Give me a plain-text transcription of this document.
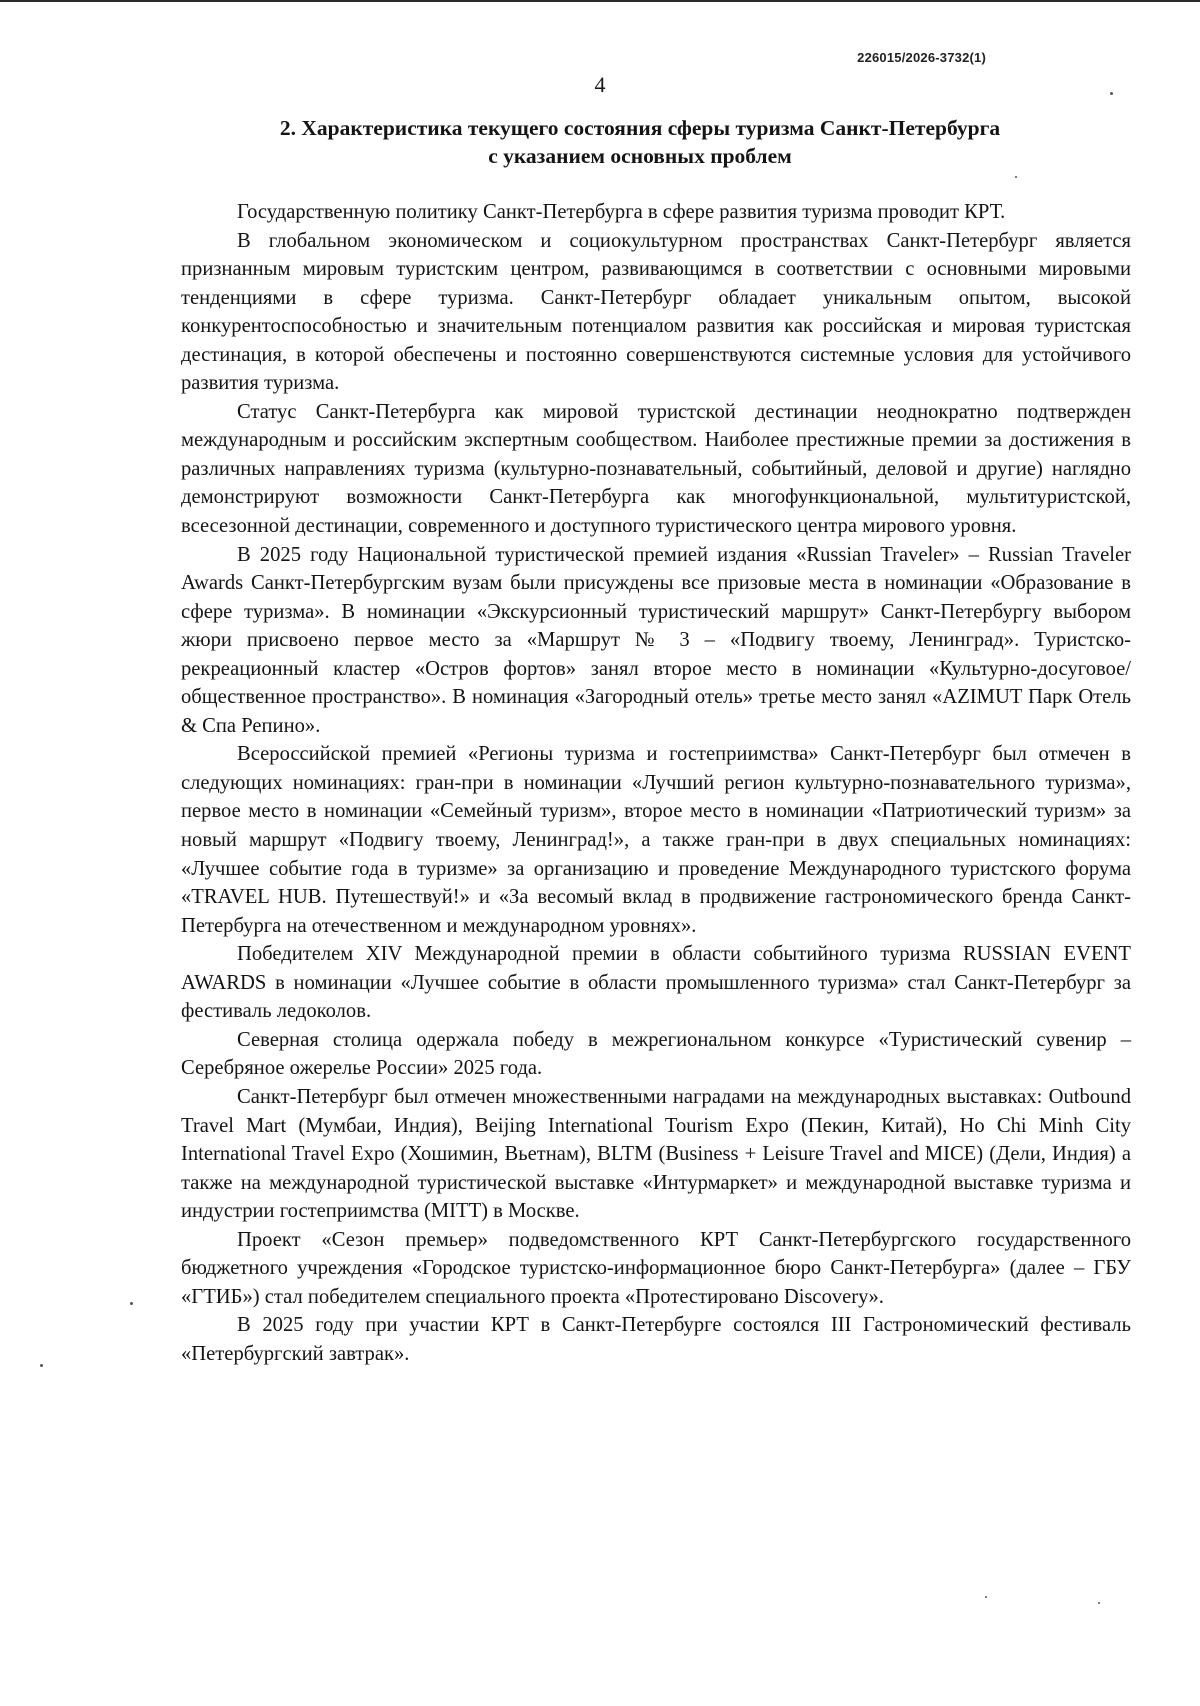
226015/2026-3732(1)
4
2. Характеристика текущего состояния сферы туризма Санкт-Петербурга
с указанием основных проблем

Государственную политику Санкт-Петербурга в сфере развития туризма проводит КРТ.

В глобальном экономическом и социокультурном пространствах Санкт-Петербург является признанным мировым туристским центром, развивающимся в соответствии с основными мировыми тенденциями в сфере туризма. Санкт-Петербург обладает уникальным опытом, высокой конкурентоспособностью и значительным потенциалом развития как российская и мировая туристская дестинация, в которой обеспечены и постоянно совершенствуются системные условия для устойчивого развития туризма.

Статус Санкт-Петербурга как мировой туристской дестинации неоднократно подтвержден международным и российским экспертным сообществом. Наиболее престижные премии за достижения в различных направлениях туризма (культурно-познавательный, событийный, деловой и другие) наглядно демонстрируют возможности Санкт-Петербурга как многофункциональной, мультитуристской, всесезонной дестинации, современного и доступного туристического центра мирового уровня.

В 2025 году Национальной туристической премией издания «Russian Traveler» – Russian Traveler Awards Санкт-Петербургским вузам были присуждены все призовые места в номинации «Образование в сфере туризма». В номинации «Экскурсионный туристический маршрут» Санкт-Петербургу выбором жюри присвоено первое место за «Маршрут № 3 – «Подвигу твоему, Ленинград». Туристско-рекреационный кластер «Остров фортов» занял второе место в номинации «Культурно-досуговое/общественное пространство». В номинация «Загородный отель» третье место занял «AZIMUT Парк Отель & Спа Репино».

Всероссийской премией «Регионы туризма и гостеприимства» Санкт-Петербург был отмечен в следующих номинациях: гран-при в номинации «Лучший регион культурно-познавательного туризма», первое место в номинации «Семейный туризм», второе место в номинации «Патриотический туризм» за новый маршрут «Подвигу твоему, Ленинград!», а также гран-при в двух специальных номинациях: «Лучшее событие года в туризме» за организацию и проведение Международного туристского форума «TRAVEL HUB. Путешествуй!» и «За весомый вклад в продвижение гастрономического бренда Санкт-Петербурга на отечественном и международном уровнях».

Победителем XIV Международной премии в области событийного туризма RUSSIAN EVENT AWARDS в номинации «Лучшее событие в области промышленного туризма» стал Санкт-Петербург за фестиваль ледоколов.

Северная столица одержала победу в межрегиональном конкурсе «Туристический сувенир – Серебряное ожерелье России» 2025 года.

Санкт-Петербург был отмечен множественными наградами на международных выставках: Outbound Travel Mart (Мумбаи, Индия), Beijing International Tourism Expo (Пекин, Китай), Ho Chi Minh City International Travel Expo (Хошимин, Вьетнам), BLTM (Business + Leisure Travel and MICE) (Дели, Индия) а также на международной туристической выставке «Интурмаркет» и международной выставке туризма и индустрии гостеприимства (MITT) в Москве.

Проект «Сезон премьер» подведомственного КРТ Санкт-Петербургского государственного бюджетного учреждения «Городское туристско-информационное бюро Санкт-Петербурга» (далее – ГБУ «ГТИБ») стал победителем специального проекта «Протестировано Discovery».

В 2025 году при участии КРТ в Санкт-Петербурге состоялся III Гастрономический фестиваль «Петербургский завтрак».
